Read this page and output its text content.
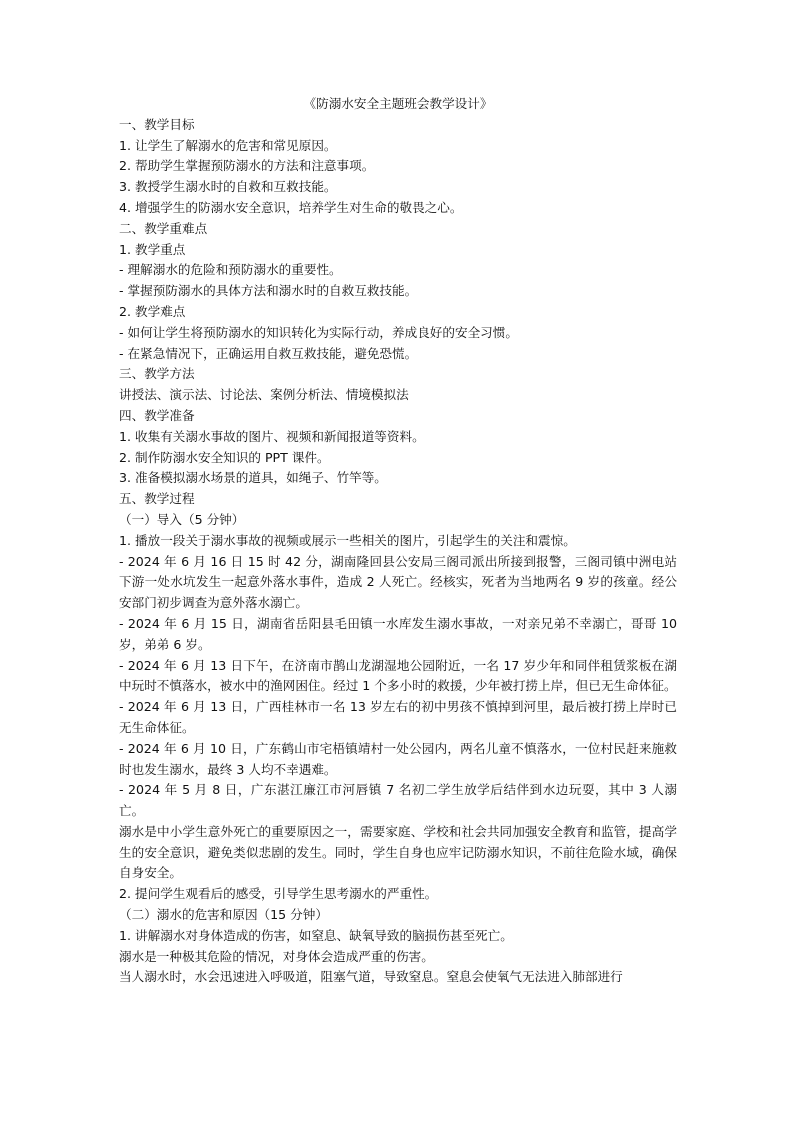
《防溺水安全主题班会教学设计》

一、教学目标

1. 让学生了解溺水的危害和常见原因。

2. 帮助学生掌握预防溺水的方法和注意事项。

3. 教授学生溺水时的自救和互救技能。

4. 增强学生的防溺水安全意识，培养学生对生命的敬畏之心。

二、教学重难点

1. 教学重点

- 理解溺水的危险和预防溺水的重要性。

- 掌握预防溺水的具体方法和溺水时的自救互救技能。

2. 教学难点

- 如何让学生将预防溺水的知识转化为实际行动，养成良好的安全习惯。

- 在紧急情况下，正确运用自救互救技能，避免恐慌。

三、教学方法

讲授法、演示法、讨论法、案例分析法、情境模拟法

四、教学准备

1. 收集有关溺水事故的图片、视频和新闻报道等资料。

2. 制作防溺水安全知识的 PPT 课件。

3. 准备模拟溺水场景的道具，如绳子、竹竿等。

五、教学过程

（一）导入（5 分钟）

1. 播放一段关于溺水事故的视频或展示一些相关的图片，引起学生的关注和震惊。

- 2024 年 6 月 16 日 15 时 42 分，湖南隆回县公安局三阁司派出所接到报警，三阁司镇中洲电站下游一处水坑发生一起意外落水事件，造成 2 人死亡。经核实，死者为当地两名 9 岁的孩童。经公安部门初步调查为意外落水溺亡。

- 2024 年 6 月 15 日，湖南省岳阳县毛田镇一水库发生溺水事故，一对亲兄弟不幸溺亡，哥哥 10 岁，弟弟 6 岁。

- 2024 年 6 月 13 日下午，在济南市鹊山龙湖湿地公园附近，一名 17 岁少年和同伴租赁浆板在湖中玩时不慎落水，被水中的渔网困住。经过 1 个多小时的救援，少年被打捞上岸，但已无生命体征。

- 2024 年 6 月 13 日，广西桂林市一名 13 岁左右的初中男孩不慎掉到河里，最后被打捞上岸时已无生命体征。

- 2024 年 6 月 10 日，广东鹤山市宅梧镇靖村一处公园内，两名儿童不慎落水，一位村民赶来施救时也发生溺水，最终 3 人均不幸遇难。

- 2024 年 5 月 8 日，广东湛江廉江市河唇镇 7 名初二学生放学后结伴到水边玩耍，其中 3 人溺亡。

溺水是中小学生意外死亡的重要原因之一，需要家庭、学校和社会共同加强安全教育和监管，提高学生的安全意识，避免类似悲剧的发生。同时，学生自身也应牢记防溺水知识，不前往危险水域，确保自身安全。

2. 提问学生观看后的感受，引导学生思考溺水的严重性。

（二）溺水的危害和原因（15 分钟）

1. 讲解溺水对身体造成的伤害，如窒息、缺氧导致的脑损伤甚至死亡。

溺水是一种极其危险的情况，对身体会造成严重的伤害。

当人溺水时，水会迅速进入呼吸道，阻塞气道，导致窒息。窒息会使氧气无法进入肺部进行
